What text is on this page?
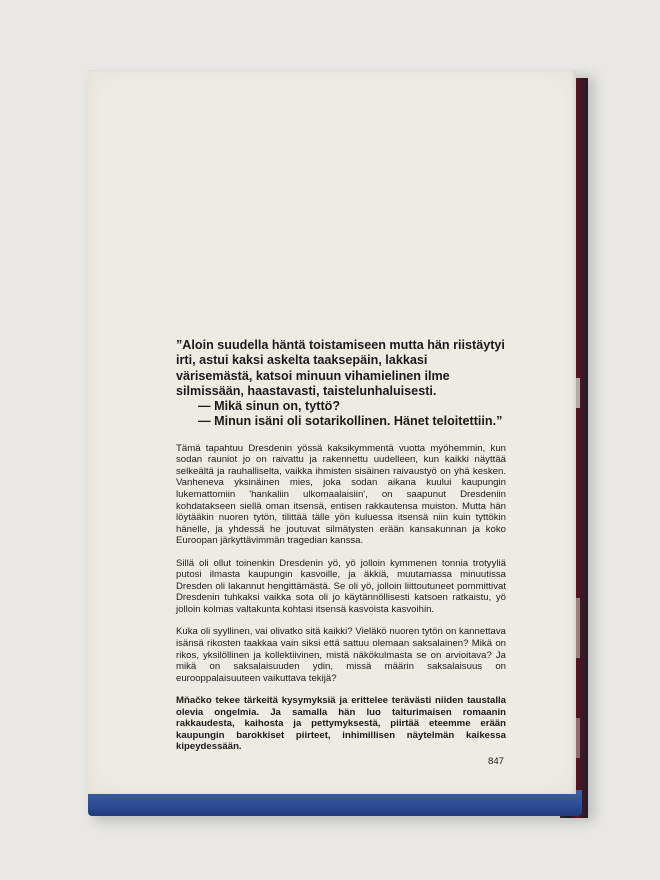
”Aloin suudella häntä toistamiseen mutta hän riistäytyi irti, astui kaksi askelta taaksepäin, lakkasi värisemästä, katsoi minuun vihamielinen ilme silmissään, haastavasti, taistelunhaluisesti.

— Mikä sinun on, tyttö?

— Minun isäni oli sotarikollinen. Hänet teloitettiin.”

Tämä tapahtuu Dresdenin yössä kaksikymmentä vuotta myöhemmin, kun sodan rauniot jo on raivattu ja rakennettu uudelleen, kun kaikki näyttää selkeältä ja rauhalliselta, vaikka ihmisten sisäinen raivaustyö on yhä kesken. Vanheneva yksinäinen mies, joka sodan aikana kuului kaupungin lukemattomiin 'hankaliin ulkomaalaisiin', on saapunut Dresdeniin kohdatakseen siellä oman itsensä, entisen rakkautensa muiston. Mutta hän löytääkin nuoren tytön, tilittää tälle yön kuluessa itsensä niin kuin tyttökin hänelle, ja yhdessä he joutuvat silmätysten erään kansakunnan ja koko Euroopan järkyttävimmän tragedian kanssa.

Sillä oli ollut toinenkin Dresdenin yö, yö jolloin kymmenen tonnia trotyyliä putosi ilmasta kaupungin kasvoille, ja äkkiä, muutamassa minuutissa Dresden oli lakannut hengittämästä. Se oli yö, jolloin liittoutuneet pommittivat Dresdenin tuhkaksi vaikka sota oli jo käytännöllisesti katsoen ratkaistu, yö jolloin kolmas valtakunta kohtasi itsensä kasvoista kasvoihin.

Kuka oli syyllinen, vai olivatko sitä kaikki? Vieläkö nuoren tytön on kannettava isänsä rikosten taakkaa vain siksi että sattuu olemaan saksalainen? Mikä on rikos, yksilöllinen ja kollektiivinen, mistä näkökulmasta se on arvioitava? Ja mikä on saksalaisuuden ydin, missä määrin saksalaisuus on eurooppalaisuuteen vaikuttava tekijä?

Mňačko tekee tärkeitä kysymyksiä ja erittelee terävästi niiden taustalla olevia ongelmia. Ja samalla hän luo taiturimaisen romaanin rakkaudesta, kaihosta ja pettymyksestä, piirtää eteemme erään kaupungin barokkiset piirteet, inhimillisen näytelmän kaikessa kipeydessään.

847
